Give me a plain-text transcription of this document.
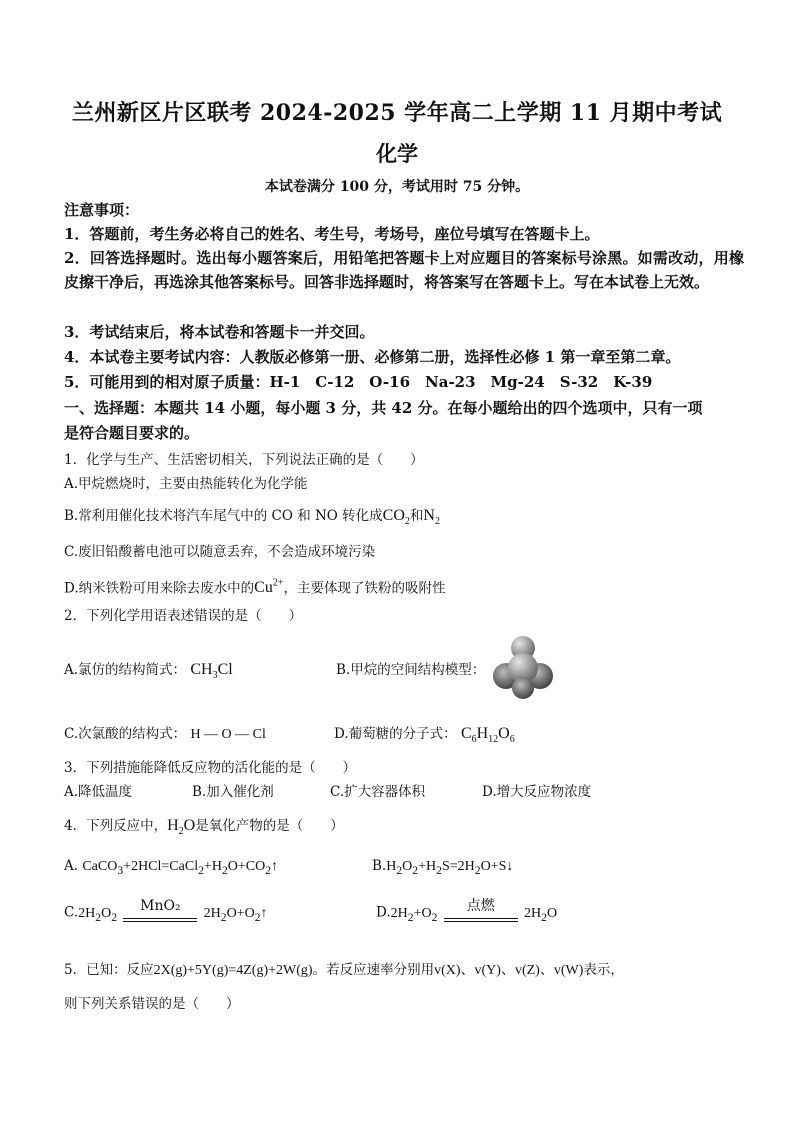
兰州新区片区联考 2024-2025 学年高二上学期 11 月期中考试
化学
本试卷满分 100 分，考试用时 75 分钟。
注意事项：
1．答题前，考生务必将自己的姓名、考生号，考场号，座位号填写在答题卡上。
2．回答选择题时。选出每小题答案后，用铅笔把答题卡上对应题目的答案标号涂黑。如需改动，用橡皮擦干净后，再选涂其他答案标号。回答非选择题时，将答案写在答题卡上。写在本试卷上无效。
3．考试结束后，将本试卷和答题卡一并交回。
4．本试卷主要考试内容：人教版必修第一册、必修第二册，选择性必修 1 第一章至第二章。
5．可能用到的相对原子质量：H-1　C-12　O-16　Na-23　Mg-24　S-32　K-39
一、选择题：本题共 14 小题，每小题 3 分，共 42 分。在每小题给出的四个选项中，只有一项
是符合题目要求的。
1．化学与生产、生活密切相关，下列说法正确的是（　　）
A.甲烷燃烧时，主要由热能转化为化学能
B.常利用催化技术将汽车尾气中的 CO 和 NO 转化成$CO_2$和$N_2$
C.废旧铅酸蓄电池可以随意丢弃，不会造成环境污染
D.纳米铁粉可用来除去废水中的$Cu^{2+}$，主要体现了铁粉的吸附性
2．下列化学用语表述错误的是（　　）
A.氯仿的结构简式： $CH_3Cl$	B.甲烷的空间结构模型：
C.次氯酸的结构式： H — O — Cl	D.葡萄糖的分子式： $C_6H_{12}O_6$
3．下列措施能降低反应物的活化能的是（　　）
A.降低温度	B.加入催化剂	C.扩大容器体积	D.增大反应物浓度
4．下列反应中，$H_2O$是氧化产物的是（　　）
A. $CaCO_3+2HCl=CaCl_2+H_2O+CO_2↑$	$B.H_2O_2+H_2S=2H_2O+S↓$
$C.2H_2O_2$
MnO₂	$2H_2O+O_2↑$	$D.2H_2+O_2$
点燃	$2H_2O$
5．已知：反应2X(g)+5Y(g)=4Z(g)+2W(g)。若反应速率分别用v(X)、v(Y)、v(Z)、v(W)表示，
则下列关系错误的是（　　）
